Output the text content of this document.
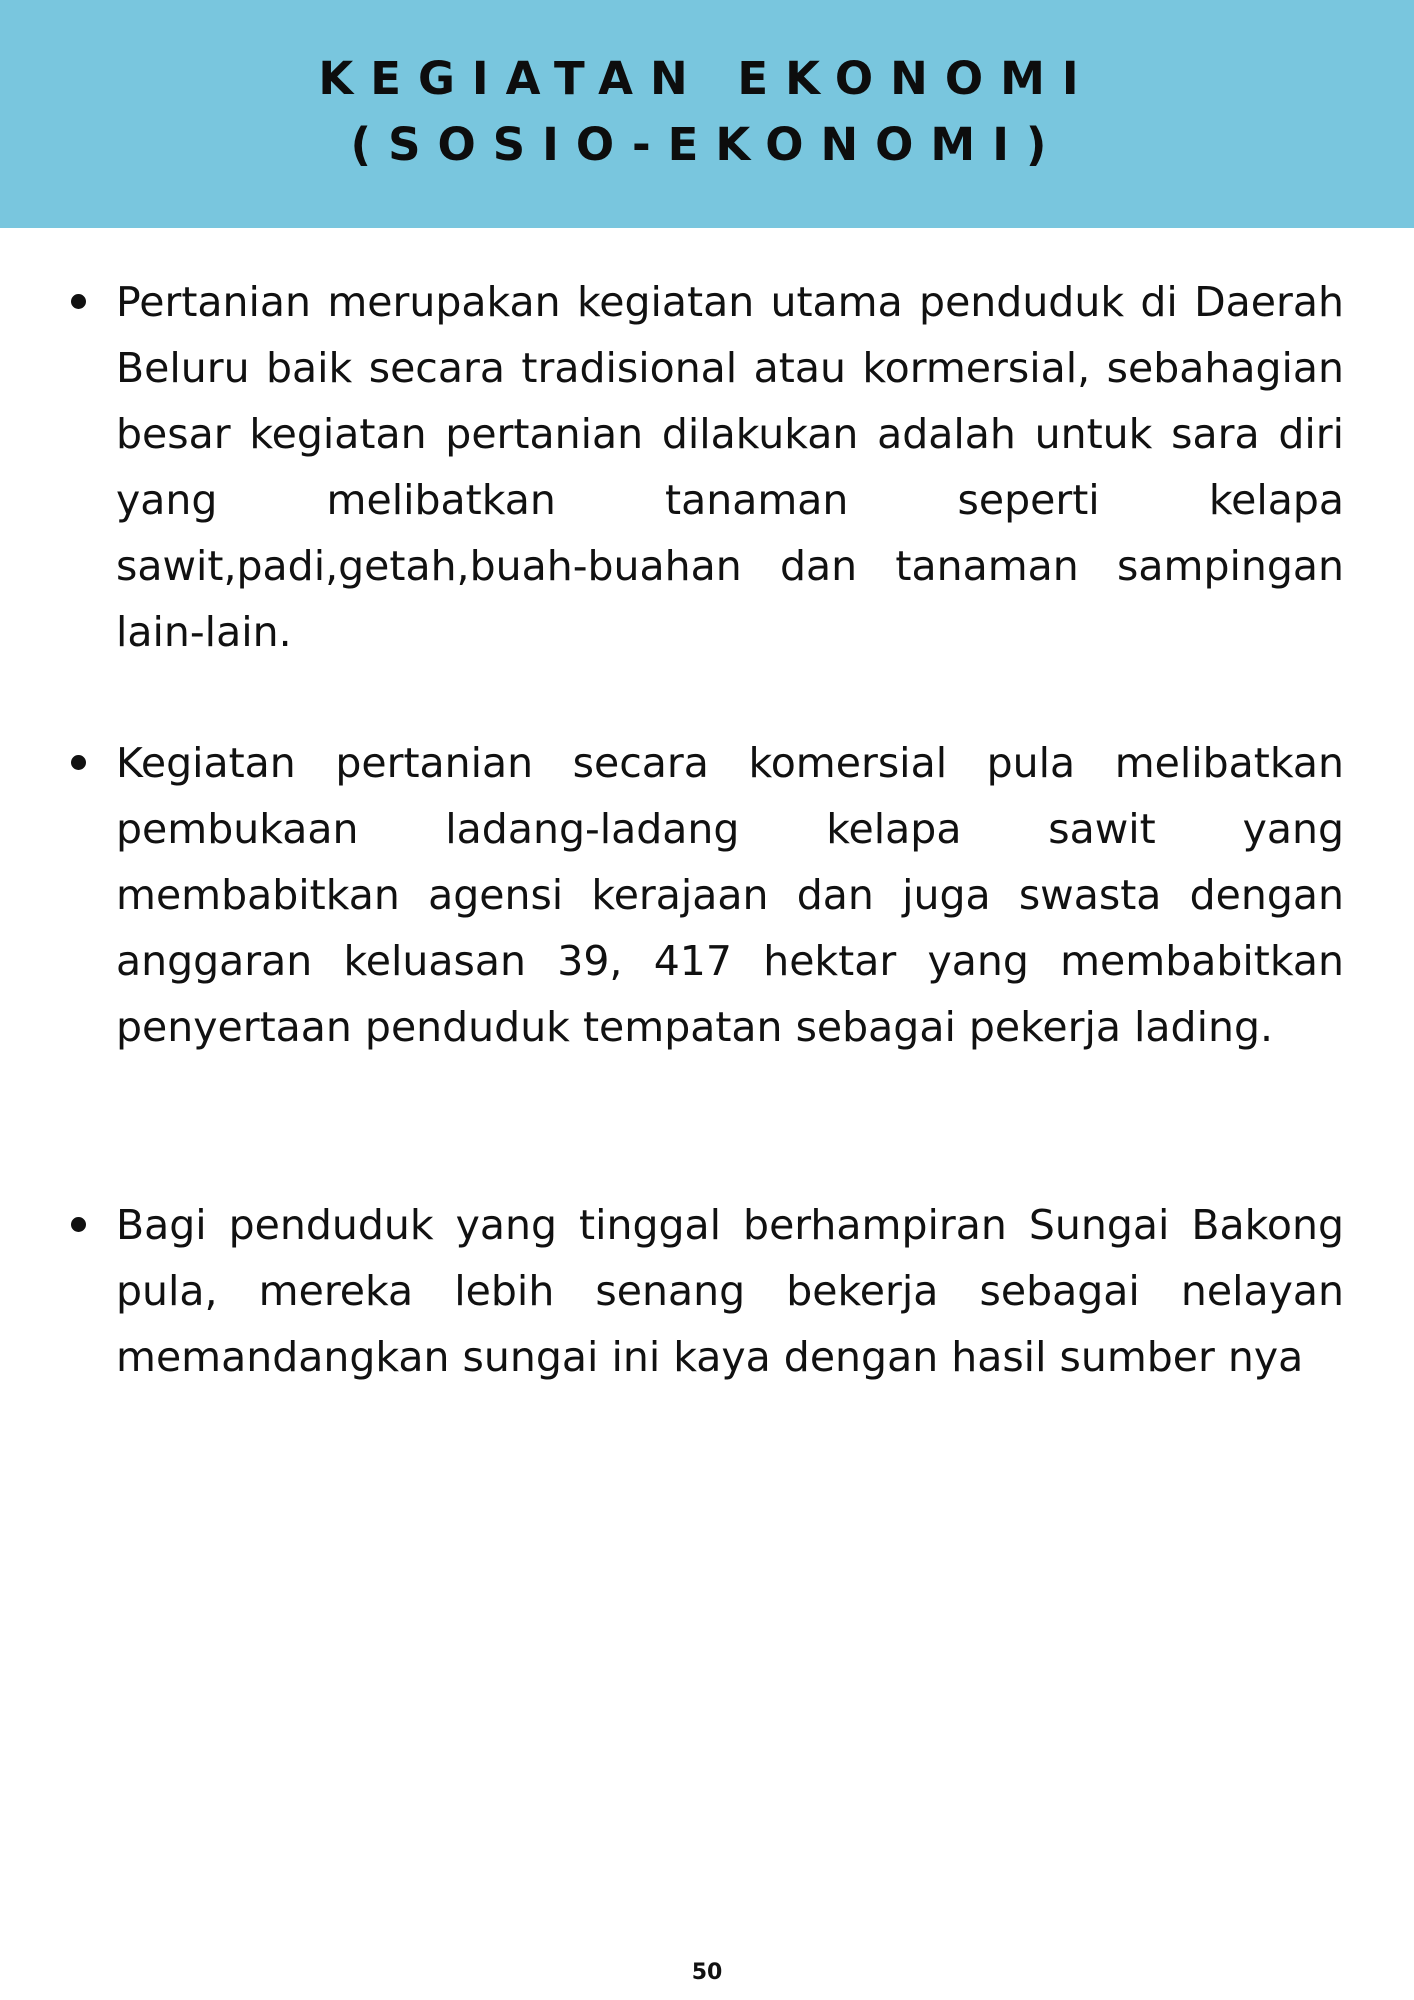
KEGIATAN EKONOMI
(SOSIO-EKONOMI)

Pertanian merupakan kegiatan utama penduduk di Daerah Beluru baik secara tradisional atau kormersial, sebahagian besar kegiatan pertanian dilakukan adalah untuk sara diri yang melibatkan tanaman seperti kelapa sawit,padi,getah,buah-buahan dan tanaman sampingan lain-lain.

Kegiatan pertanian secara komersial pula melibatkan pembukaan ladang-ladang kelapa sawit yang membabitkan agensi kerajaan dan juga swasta dengan anggaran keluasan 39, 417 hektar yang membabitkan penyertaan penduduk tempatan sebagai pekerja lading.

Bagi penduduk yang tinggal berhampiran Sungai Bakong pula, mereka lebih senang bekerja sebagai nelayan memandangkan sungai ini kaya dengan hasil sumber nya

50
